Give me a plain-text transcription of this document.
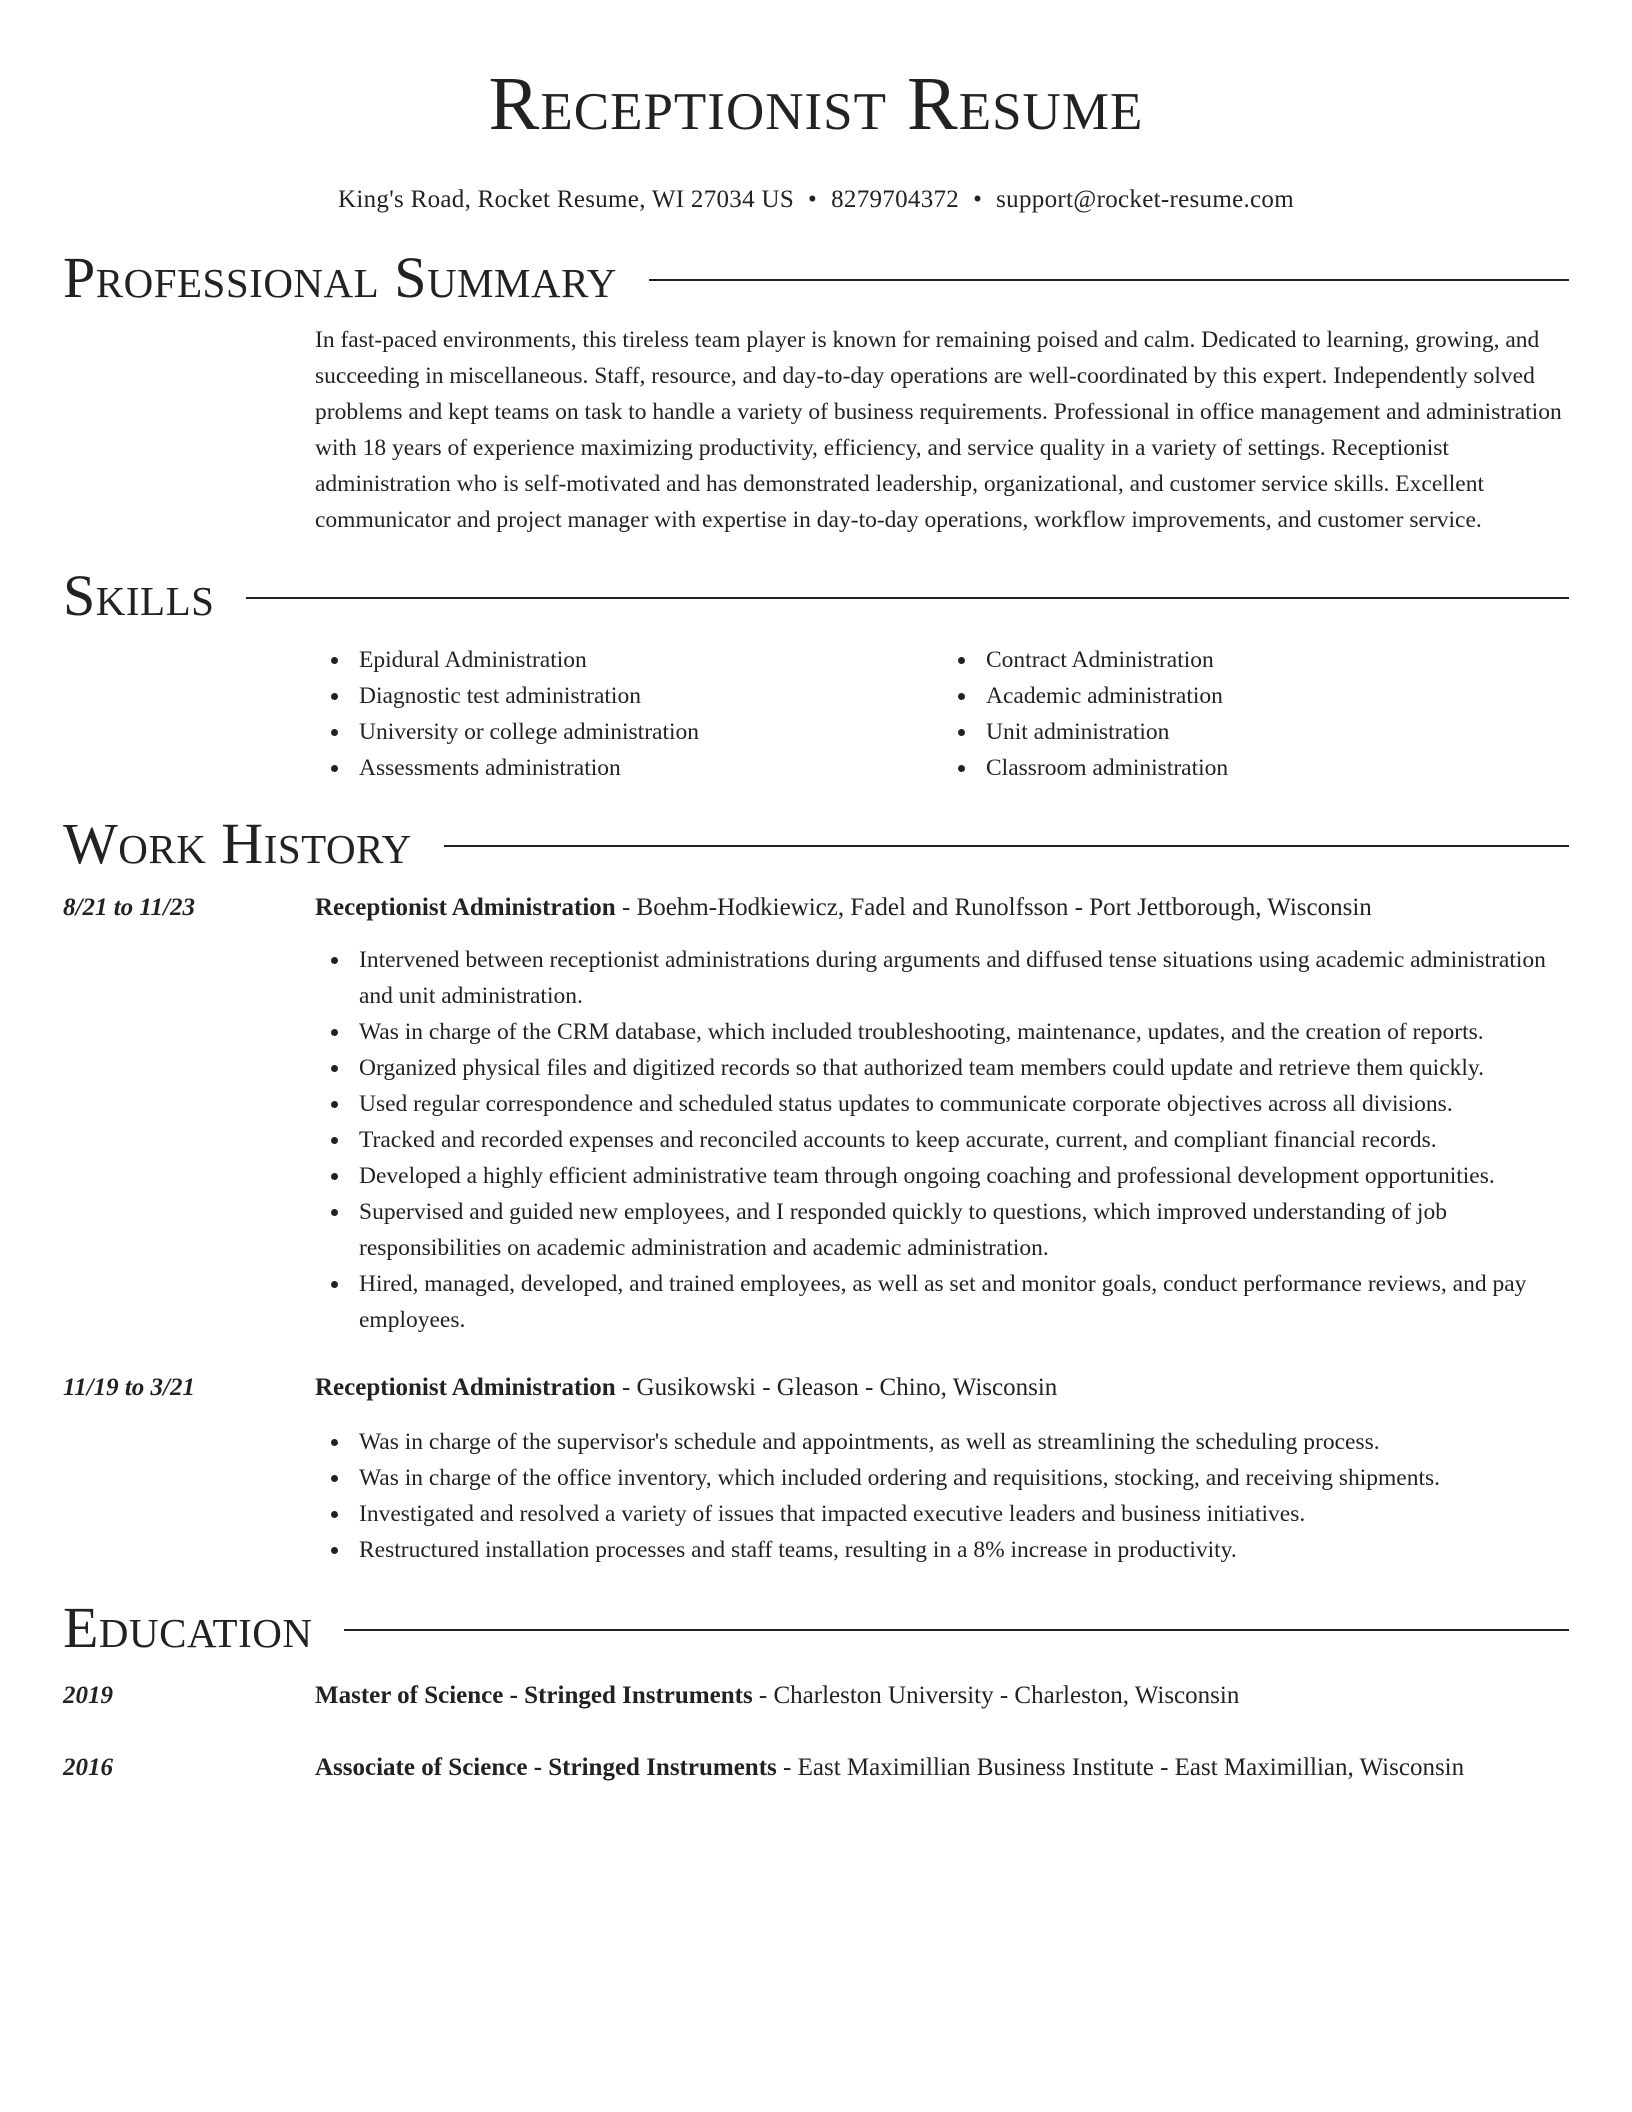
Receptionist Resume
King's Road, Rocket Resume, WI 27034 US • 8279704372 • support@rocket-resume.com
Professional Summary

In fast-paced environments, this tireless team player is known for remaining poised and calm. Dedicated to learning, growing, and succeeding in miscellaneous. Staff, resource, and day-to-day operations are well-coordinated by this expert. Independently solved problems and kept teams on task to handle a variety of business requirements. Professional in office management and administration with 18 years of experience maximizing productivity, efficiency, and service quality in a variety of settings. Receptionist administration who is self-motivated and has demonstrated leadership, organizational, and customer service skills. Excellent communicator and project manager with expertise in day-to-day operations, workflow improvements, and customer service.

Skills
Epidural Administration
Diagnostic test administration
University or college administration
Assessments administration
Contract Administration
Academic administration
Unit administration
Classroom administration
Work History
8/21 to 11/23	Receptionist Administration - Boehm-Hodkiewicz, Fadel and Runolfsson - Port Jettborough, Wisconsin
Intervened between receptionist administrations during arguments and diffused tense situations using academic administration and unit administration.
Was in charge of the CRM database, which included troubleshooting, maintenance, updates, and the creation of reports.
Organized physical files and digitized records so that authorized team members could update and retrieve them quickly.
Used regular correspondence and scheduled status updates to communicate corporate objectives across all divisions.
Tracked and recorded expenses and reconciled accounts to keep accurate, current, and compliant financial records.
Developed a highly efficient administrative team through ongoing coaching and professional development opportunities.
Supervised and guided new employees, and I responded quickly to questions, which improved understanding of job responsibilities on academic administration and academic administration.
Hired, managed, developed, and trained employees, as well as set and monitor goals, conduct performance reviews, and pay employees.
11/19 to 3/21	Receptionist Administration - Gusikowski - Gleason - Chino, Wisconsin
Was in charge of the supervisor's schedule and appointments, as well as streamlining the scheduling process.
Was in charge of the office inventory, which included ordering and requisitions, stocking, and receiving shipments.
Investigated and resolved a variety of issues that impacted executive leaders and business initiatives.
Restructured installation processes and staff teams, resulting in a 8% increase in productivity.
Education
2019	Master of Science - Stringed Instruments - Charleston University - Charleston, Wisconsin
2016	Associate of Science - Stringed Instruments - East Maximillian Business Institute - East Maximillian, Wisconsin
